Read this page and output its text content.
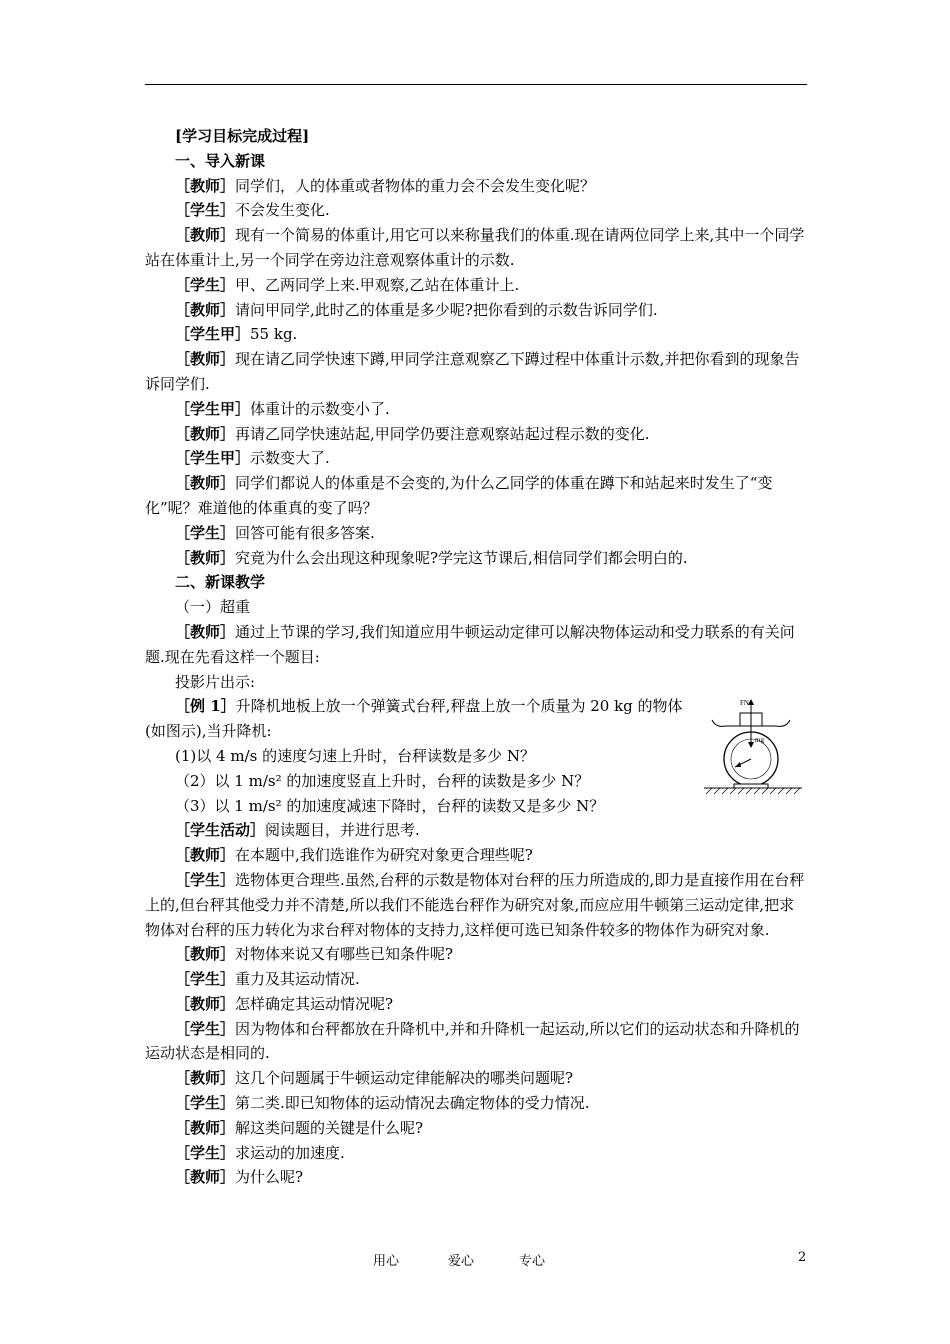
[学习目标完成过程]

一、导入新课

［教师］同学们，人的体重或者物体的重力会不会发生变化呢？

［学生］不会发生变化.

［教师］现有一个简易的体重计,用它可以来称量我们的体重.现在请两位同学上来,其中一个同学站在体重计上,另一个同学在旁边注意观察体重计的示数.

［学生］甲、乙两同学上来.甲观察,乙站在体重计上.

［教师］请问甲同学,此时乙的体重是多少呢?把你看到的示数告诉同学们.

［学生甲］55 kg.

［教师］现在请乙同学快速下蹲,甲同学注意观察乙下蹲过程中体重计示数,并把你看到的现象告诉同学们.

［学生甲］体重计的示数变小了.

［教师］再请乙同学快速站起,甲同学仍要注意观察站起过程示数的变化.

［学生甲］示数变大了.

［教师］同学们都说人的体重是不会变的,为什么乙同学的体重在蹲下和站起来时发生了“变化”呢？难道他的体重真的变了吗？

［学生］回答可能有很多答案.

［教师］究竟为什么会出现这种现象呢?学完这节课后,相信同学们都会明白的.

二、新课教学

（一）超重

［教师］通过上节课的学习,我们知道应用牛顿运动定律可以解决物体运动和受力联系的有关问题.现在先看这样一个题目:

投影片出示:

［例 1］升降机地板上放一个弹簧式台秤,秤盘上放一个质量为 20 kg 的物体(如图示),当升降机:

(1)以 4 m/s 的速度匀速上升时，台秤读数是多少 N？

（2）以 1 m/s² 的加速度竖直上升时，台秤的读数是多少 N？

（3）以 1 m/s² 的加速度减速下降时，台秤的读数又是多少 N？

［学生活动］阅读题目，并进行思考.

［教师］在本题中,我们选谁作为研究对象更合理些呢?

［学生］选物体更合理些.虽然,台秤的示数是物体对台秤的压力所造成的,即力是直接作用在台秤上的,但台秤其他受力并不清楚,所以我们不能选台秤作为研究对象,而应应用牛顿第三运动定律,把求物体对台秤的压力转化为求台秤对物体的支持力,这样便可选已知条件较多的物体作为研究对象.

［教师］对物体来说又有哪些已知条件呢?

［学生］重力及其运动情况.

［教师］怎样确定其运动情况呢?

［学生］因为物体和台秤都放在升降机中,并和升降机一起运动,所以它们的运动状态和升降机的运动状态是相同的.

［教师］这几个问题属于牛顿运动定律能解决的哪类问题呢?

［学生］第二类.即已知物体的运动情况去确定物体的受力情况.

［教师］解这类问题的关键是什么呢?

［学生］求运动的加速度.

［教师］为什么呢?

FN
mg
用心	爱心	专心	2
